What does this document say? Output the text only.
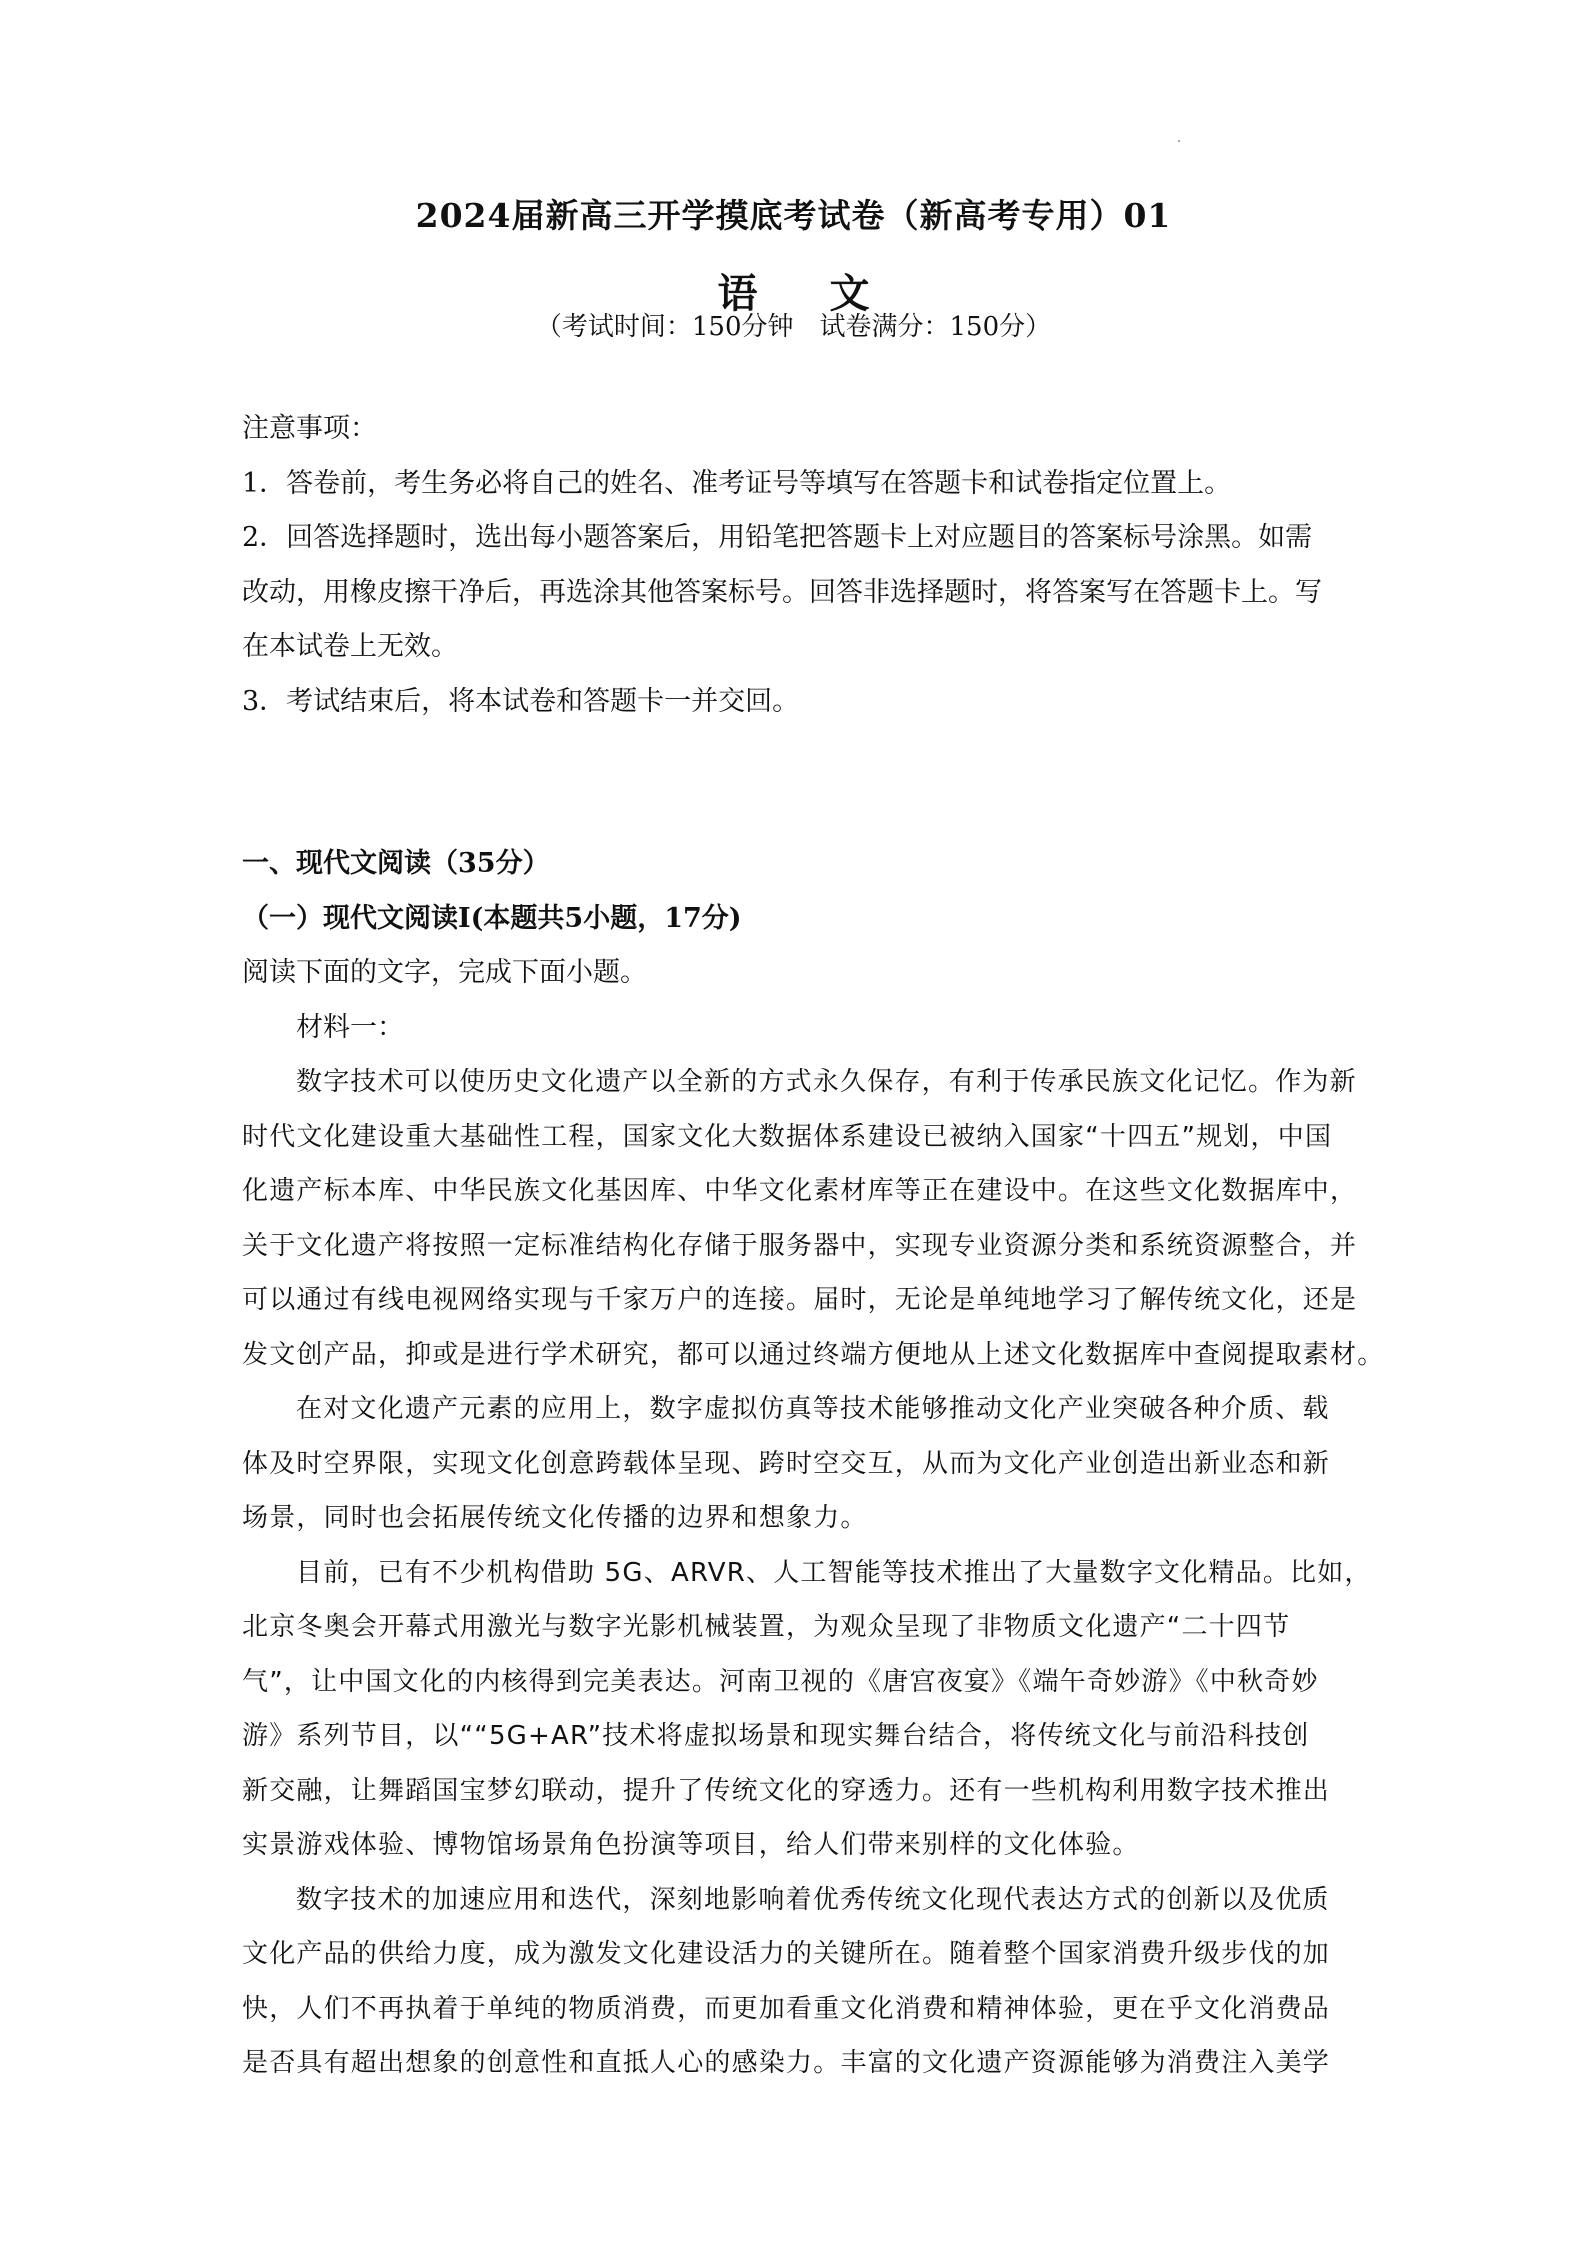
2024届新高三开学摸底考试卷（新高考专用）01
语文
（考试时间：150分钟　试卷满分：150分）
注意事项：
1．答卷前，考生务必将自己的姓名、准考证号等填写在答题卡和试卷指定位置上。
2．回答选择题时，选出每小题答案后，用铅笔把答题卡上对应题目的答案标号涂黑。如需
改动，用橡皮擦干净后，再选涂其他答案标号。回答非选择题时，将答案写在答题卡上。写
在本试卷上无效。
3．考试结束后，将本试卷和答题卡一并交回。
一、现代文阅读（35分）
（一）现代文阅读Ⅰ(本题共5小题，17分)
阅读下面的文字，完成下面小题。
材料一：
数字技术可以使历史文化遗产以全新的方式永久保存，有利于传承民族文化记忆。作为新
时代文化建设重大基础性工程，国家文化大数据体系建设已被纳入国家“十四五”规划，中国
化遗产标本库、中华民族文化基因库、中华文化素材库等正在建设中。在这些文化数据库中，
关于文化遗产将按照一定标准结构化存储于服务器中，实现专业资源分类和系统资源整合，并
可以通过有线电视网络实现与千家万户的连接。届时，无论是单纯地学习了解传统文化，还是
发文创产品，抑或是进行学术研究，都可以通过终端方便地从上述文化数据库中查阅提取素材。
在对文化遗产元素的应用上，数字虚拟仿真等技术能够推动文化产业突破各种介质、载
体及时空界限，实现文化创意跨载体呈现、跨时空交互，从而为文化产业创造出新业态和新
场景，同时也会拓展传统文化传播的边界和想象力。
目前，已有不少机构借助 5G、ARVR、人工智能等技术推出了大量数字文化精品。比如，
北京冬奥会开幕式用激光与数字光影机械装置，为观众呈现了非物质文化遗产“二十四节
气”，让中国文化的内核得到完美表达。河南卫视的《唐宫夜宴》《端午奇妙游》《中秋奇妙
游》系列节目，以““5G+AR”技术将虚拟场景和现实舞台结合，将传统文化与前沿科技创
新交融，让舞蹈国宝梦幻联动，提升了传统文化的穿透力。还有一些机构利用数字技术推出
实景游戏体验、博物馆场景角色扮演等项目，给人们带来别样的文化体验。
数字技术的加速应用和迭代，深刻地影响着优秀传统文化现代表达方式的创新以及优质
文化产品的供给力度，成为激发文化建设活力的关键所在。随着整个国家消费升级步伐的加
快，人们不再执着于单纯的物质消费，而更加看重文化消费和精神体验，更在乎文化消费品
是否具有超出想象的创意性和直抵人心的感染力。丰富的文化遗产资源能够为消费注入美学
